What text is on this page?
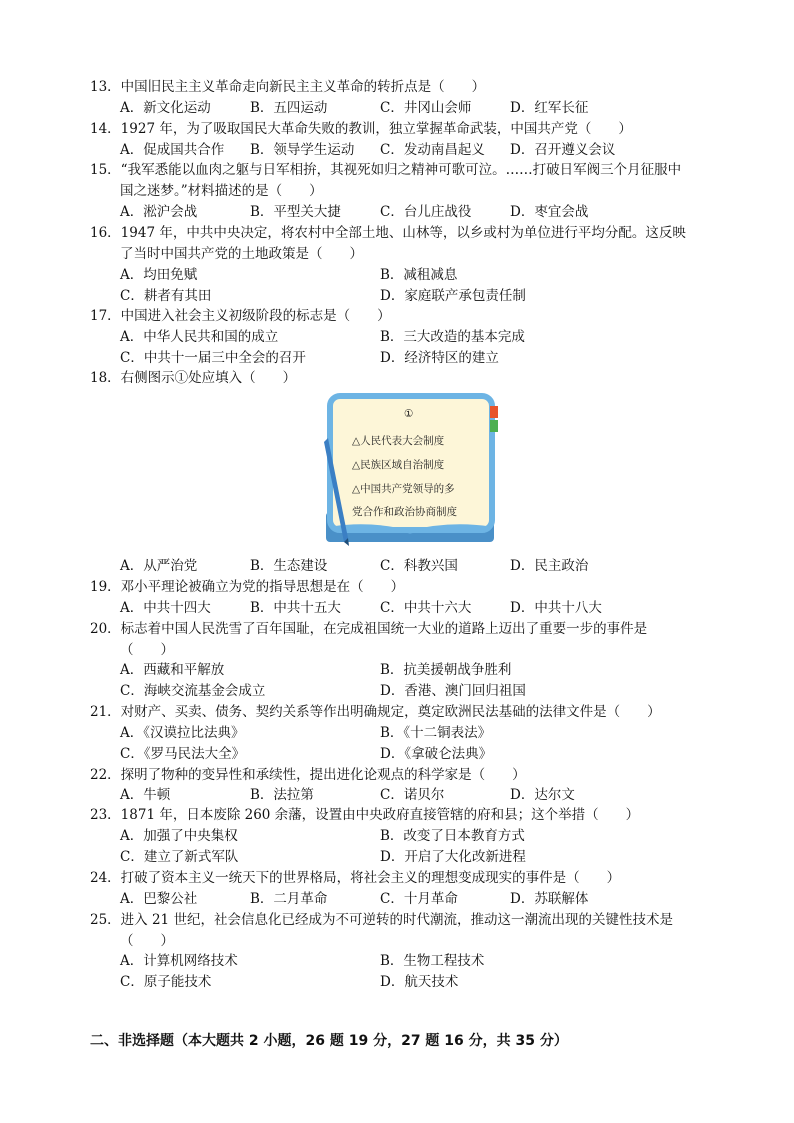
13．中国旧民主主义革命走向新民主主义革命的转折点是（　　）
A．新文化运动	B．五四运动	C．井冈山会师	D．红军长征
14．1927 年，为了吸取国民大革命失败的教训，独立掌握革命武装，中国共产党（　　）
A．促成国共合作 B．领导学生运动 C．发动南昌起义 D．召开遵义会议
15．“我军悉能以血肉之躯与日军相拚，其视死如归之精神可歌可泣。……打破日军阀三个月征服中
国之迷梦。”材料描述的是（　　）
A．淞沪会战	B．平型关大捷	C．台儿庄战役	D．枣宜会战
16．1947 年，中共中央决定，将农村中全部土地、山林等，以乡或村为单位进行平均分配。这反映
了当时中国共产党的土地政策是（　　）
A．均田免赋	B．减租减息
C．耕者有其田	D．家庭联产承包责任制
17．中国进入社会主义初级阶段的标志是（　　）
A．中华人民共和国的成立	B．三大改造的基本完成
C．中共十一届三中全会的召开	D．经济特区的建立
18．右侧图示①处应填入（　　）
①
△人民代表大会制度
△民族区域自治制度
△中国共产党领导的多
党合作和政治协商制度
A．从严治党	B．生态建设	C．科教兴国	D．民主政治
19．邓小平理论被确立为党的指导思想是在（　　）
A．中共十四大	B．中共十五大	C．中共十六大	D．中共十八大
20．标志着中国人民洗雪了百年国耻，在完成祖国统一大业的道路上迈出了重要一步的事件是
（　　）
A．西藏和平解放	B．抗美援朝战争胜利
C．海峡交流基金会成立	D．香港、澳门回归祖国
21．对财产、买卖、债务、契约关系等作出明确规定，奠定欧洲民法基础的法律文件是（　　）
A．《汉谟拉比法典》	B．《十二铜表法》
C．《罗马民法大全》	D．《拿破仑法典》
22．探明了物种的变异性和承续性，提出进化论观点的科学家是（　　）
A．牛顿	B．法拉第	C．诺贝尔	D．达尔文
23．1871 年，日本废除 260 余藩，设置由中央政府直接管辖的府和县；这个举措（　　）
A．加强了中央集权	B．改变了日本教育方式
C．建立了新式军队	D．开启了大化改新进程
24．打破了资本主义一统天下的世界格局，将社会主义的理想变成现实的事件是（　　）
A．巴黎公社	B．二月革命	C．十月革命	D．苏联解体
25．进入 21 世纪，社会信息化已经成为不可逆转的时代潮流，推动这一潮流出现的关键性技术是
（　　）
A．计算机网络技术	B．生物工程技术
C．原子能技术	D．航天技术
二、非选择题（本大题共 2 小题，26 题 19 分，27 题 16 分，共 35 分）
